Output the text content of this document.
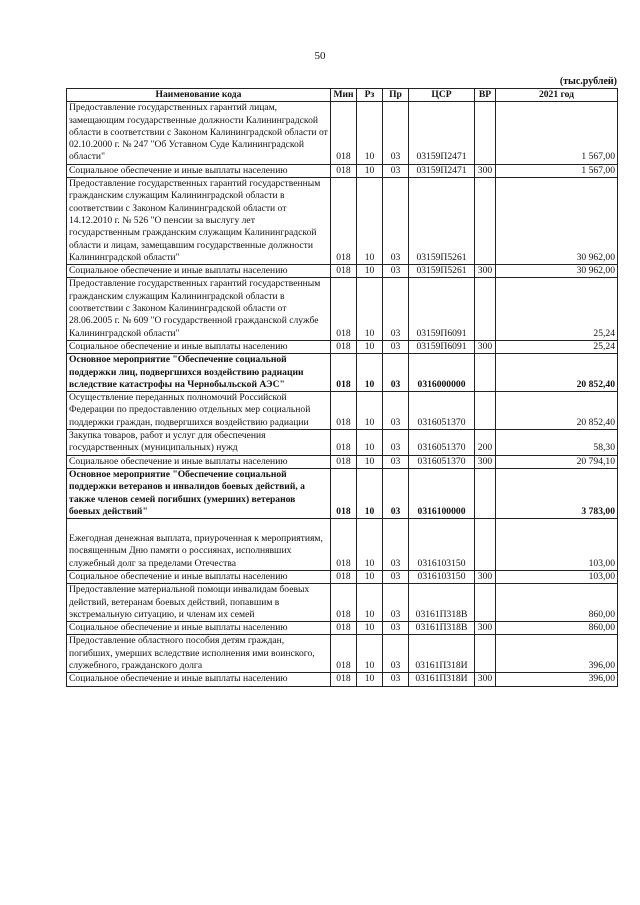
50
(тыс.рублей)
Наименование кода	Мин	Рз	Пр	ЦСР	ВР	2021 год
Предоставление государственных гарантий лицам, замещающим государственные должности Калининградской области в соответствии с Законом Калининградской области от 02.10.2000 г. № 247 "Об Уставном Суде Калининградской области"	018	10	03	03159П2471		1 567,00
Социальное обеспечение и иные выплаты населению	018	10	03	03159П2471	300	1 567,00
Предоставление государственных гарантий государственным гражданским служащим Калининградской области в соответствии с Законом Калининградской области от 14.12.2010 г. № 526 "О пенсии за выслугу лет государственным гражданским служащим Калининградской области и лицам, замещавшим государственные должности Калининградской области"	018	10	03	03159П5261		30 962,00
Социальное обеспечение и иные выплаты населению	018	10	03	03159П5261	300	30 962,00
Предоставление государственных гарантий государственным гражданским служащим Калининградской области в соответствии с Законом Калининградской области от 28.06.2005 г. № 609 "О государственной гражданской службе Калининградской области"	018	10	03	03159П6091		25,24
Социальное обеспечение и иные выплаты населению	018	10	03	03159П6091	300	25,24
Основное мероприятие "Обеспечение социальной поддержки лиц, подвергшихся воздействию радиации вследствие катастрофы на Чернобыльской АЭС"	018	10	03	0316000000		20 852,40
Осуществление переданных полномочий Российской Федерации по предоставлению отдельных мер социальной поддержки граждан, подвергшихся воздействию радиации	018	10	03	0316051370		20 852,40
Закупка товаров, работ и услуг для обеспечения государственных (муниципальных) нужд	018	10	03	0316051370	200	58,30
Социальное обеспечение и иные выплаты населению	018	10	03	0316051370	300	20 794,10
Основное мероприятие "Обеспечение социальной поддержки ветеранов и инвалидов боевых действий, а также членов семей погибших (умерших) ветеранов боевых действий"	018	10	03	0316100000		3 783,00
Ежегодная денежная выплата, приуроченная к мероприятиям, посвященным Дню памяти о россиянах, исполнявших служебный долг за пределами Отечества	018	10	03	0316103150		103,00
Социальное обеспечение и иные выплаты населению	018	10	03	0316103150	300	103,00
Предоставление материальной помощи инвалидам боевых действий, ветеранам боевых действий, попавшим в экстремальную ситуацию, и членам их семей	018	10	03	03161П318В		860,00
Социальное обеспечение и иные выплаты населению	018	10	03	03161П318В	300	860,00
Предоставление областного пособия детям граждан, погибших, умерших вследствие исполнения ими воинского, служебного, гражданского долга	018	10	03	03161П318И		396,00
Социальное обеспечение и иные выплаты населению	018	10	03	03161П318И	300	396,00
